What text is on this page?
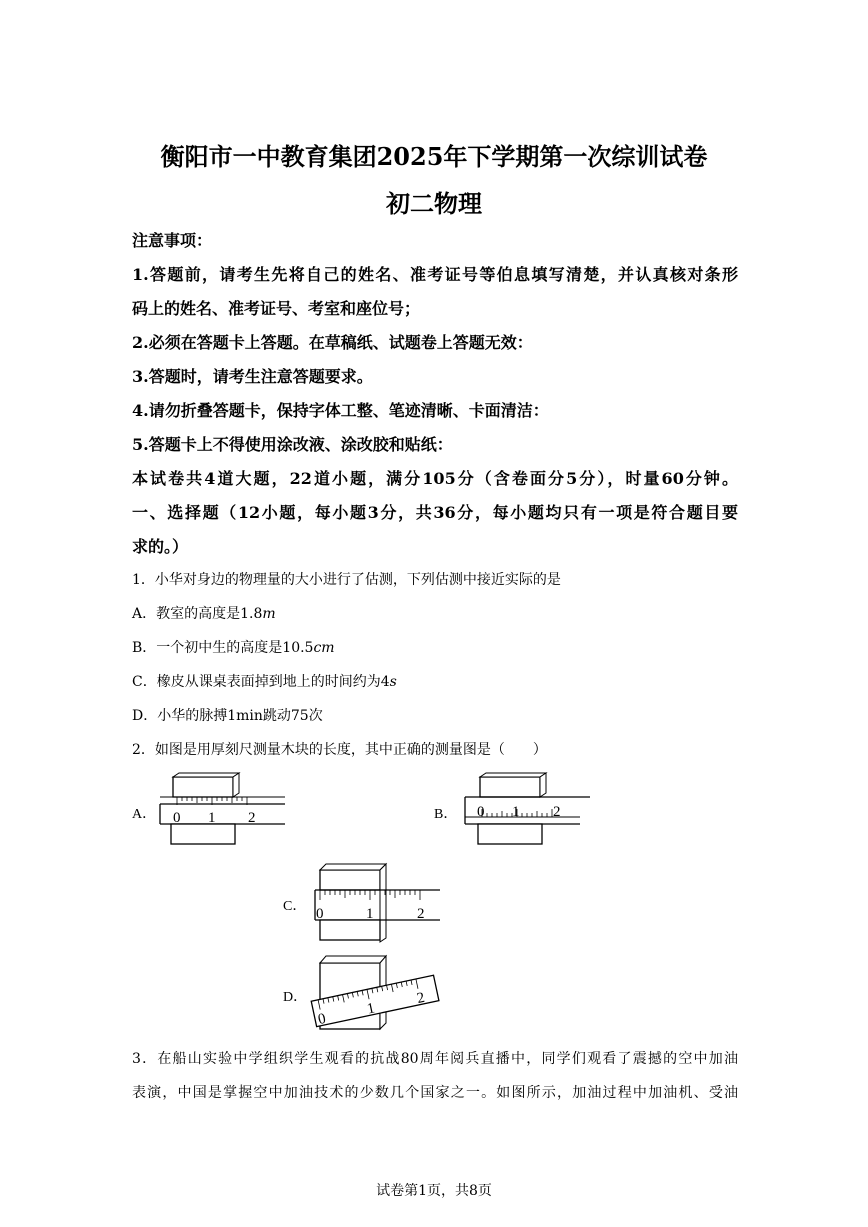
衡阳市一中教育集团2025年下学期第一次综训试卷
初二物理
注意事项：
1.答题前，请考生先将自己的姓名、准考证号等伯息填写清楚，并认真核对条形
码上的姓名、准考证号、考室和座位号；
2.必须在答题卡上答题。在草稿纸、试题卷上答题无效：
3.答题时，请考生注意答题要求。
4.请勿折叠答题卡，保持字体工整、笔迹清晰、卡面清洁：
5.答题卡上不得使用涂改液、涂改胶和贴纸：
本试卷共4道大题，22道小题，满分105分（含卷面分5分），时量60分钟。
一、选择题（12小题，每小题3分，共36分，每小题均只有一项是符合题目要
求的。）
1．小华对身边的物理量的大小进行了估测，下列估测中接近实际的是
A．教室的高度是1.8m
B．一个初中生的高度是10.5cm
C．橡皮从课桌表面掉到地上的时间约为4s
D．小华的脉搏1min跳动75次
2．如图是用厚刻尺测量木块的长度，其中正确的测量图是（　　）
A． 0 1 2	B． 0 1 2
C． 0	1	2
D．
0
1
2
3．在船山实验中学组织学生观看的抗战80周年阅兵直播中，同学们观看了震撼的空中加油
表演，中国是掌握空中加油技术的少数几个国家之一。如图所示，加油过程中加油机、受油
试卷第1页，共8页
